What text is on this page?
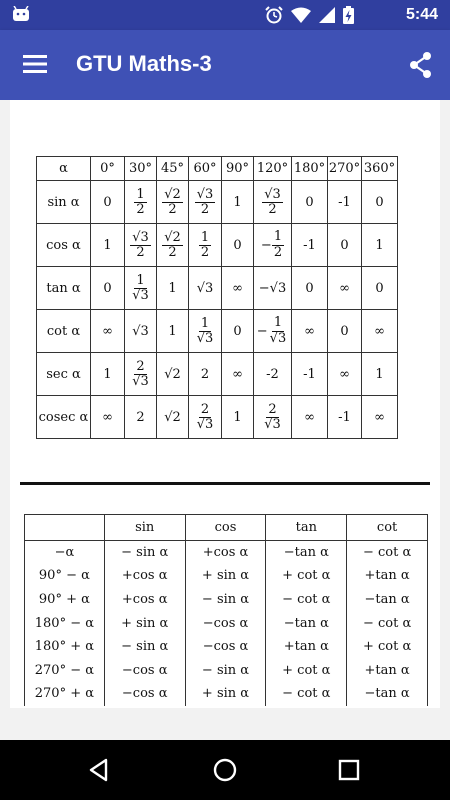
5:44
GTU Maths-3
α	0°	30°	45°	60°	90°	120°	180°	270°	360°
sin α	0	$\frac{1}{2}$	$\frac{√2}{2}$	$\frac{√3}{2}$	1	$\frac{√3}{2}$	0	-1	0
cos α	1	$\frac{√3}{2}$	$\frac{√2}{2}$	$\frac{1}{2}$	0	− $\frac{1}{2}$	-1	0	1
tan α	0	$\frac{1}{√3}$	1	√3	∞	−√3	0	∞	0
cot α	∞	√3	1	$\frac{1}{√3}$	0	− $\frac{1}{√3}$	∞	0	∞
sec α	1	$\frac{2}{√3}$	√2	2	∞	-2	-1	∞	1
cosec α	∞	2	√2	$\frac{2}{√3}$	1	$\frac{2}{√3}$	∞	-1	∞
	sin	cos	tan	cot
−α	− sin α	+cos α	−tan α	− cot α
90° − α	+cos α	+ sin α	+ cot α	+tan α
90° + α	+cos α	− sin α	− cot α	−tan α
180° − α	+ sin α	−cos α	−tan α	− cot α
180° + α	− sin α	−cos α	+tan α	+ cot α
270° − α	−cos α	− sin α	+ cot α	+tan α
270° + α	−cos α	+ sin α	− cot α	−tan α
